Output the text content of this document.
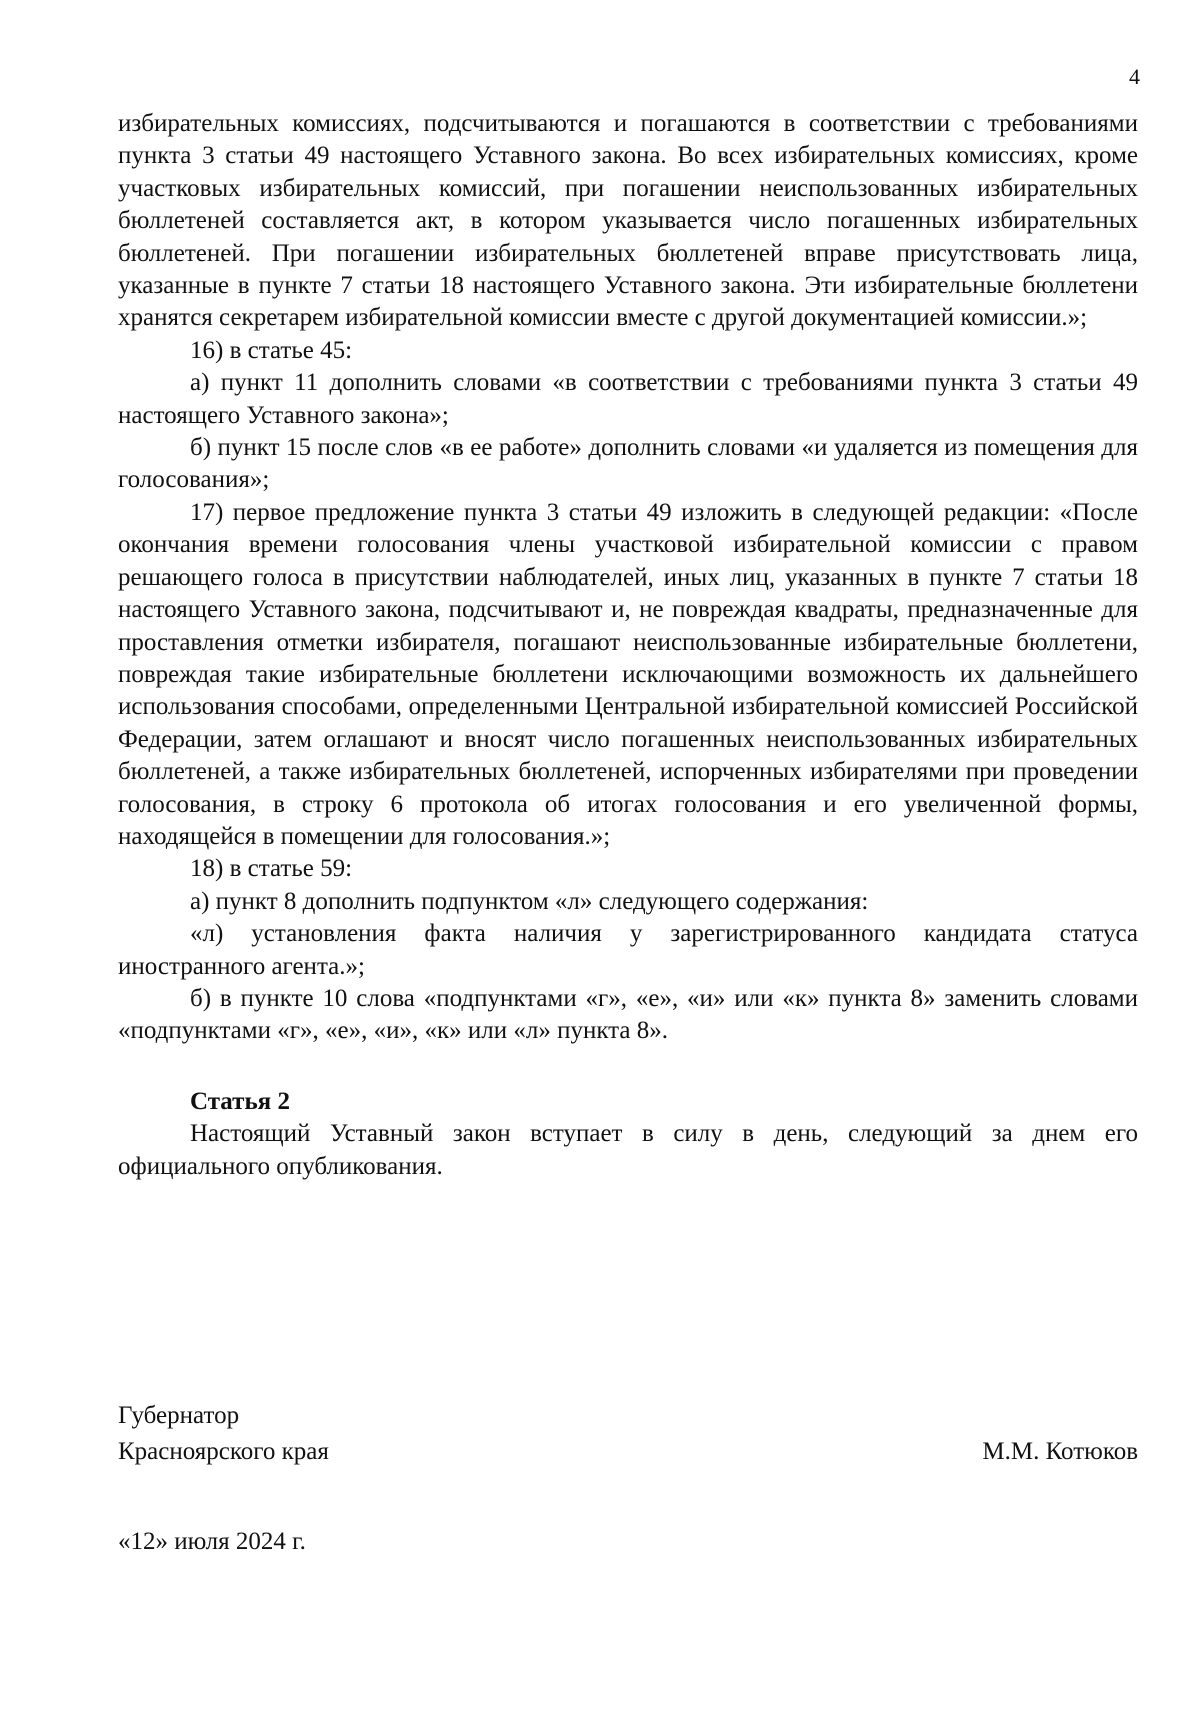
4

избирательных комиссиях, подсчитываются и погашаются в соответствии с требованиями пункта 3 статьи 49 настоящего Уставного закона. Во всех избирательных комиссиях, кроме участковых избирательных комиссий, при погашении неиспользованных избирательных бюллетеней составляется акт, в котором указывается число погашенных избирательных бюллетеней. При погашении избирательных бюллетеней вправе присутствовать лица, указанные в пункте 7 статьи 18 настоящего Уставного закона. Эти избирательные бюллетени хранятся секретарем избирательной комиссии вместе с другой документацией комиссии.»;

16) в статье 45:

а) пункт 11 дополнить словами «в соответствии с требованиями пункта 3 статьи 49 настоящего Уставного закона»;

б) пункт 15 после слов «в ее работе» дополнить словами «и удаляется из помещения для голосования»;

17) первое предложение пункта 3 статьи 49 изложить в следующей редакции: «После окончания времени голосования члены участковой избирательной комиссии с правом решающего голоса в присутствии наблюдателей, иных лиц, указанных в пункте 7 статьи 18 настоящего Уставного закона, подсчитывают и, не повреждая квадраты, предназначенные для проставления отметки избирателя, погашают неиспользованные избирательные бюллетени, повреждая такие избирательные бюллетени исключающими возможность их дальнейшего использования способами, определенными Центральной избирательной комиссией Российской Федерации, затем оглашают и вносят число погашенных неиспользованных избирательных бюллетеней, а также избирательных бюллетеней, испорченных избирателями при проведении голосования, в строку 6 протокола об итогах голосования и его увеличенной формы, находящейся в помещении для голосования.»;

18) в статье 59:

а) пункт 8 дополнить подпунктом «л» следующего содержания:

«л) установления факта наличия у зарегистрированного кандидата статуса иностранного агента.»;

б) в пункте 10 слова «подпунктами «г», «е», «и» или «к» пункта 8» заменить словами «подпунктами «г», «е», «и», «к» или «л» пункта 8».

Статья 2

Настоящий Уставный закон вступает в силу в день, следующий за днем его официального опубликования.

Губернатор
Красноярского края	М.М. Котюков
«12» июля 2024 г.
